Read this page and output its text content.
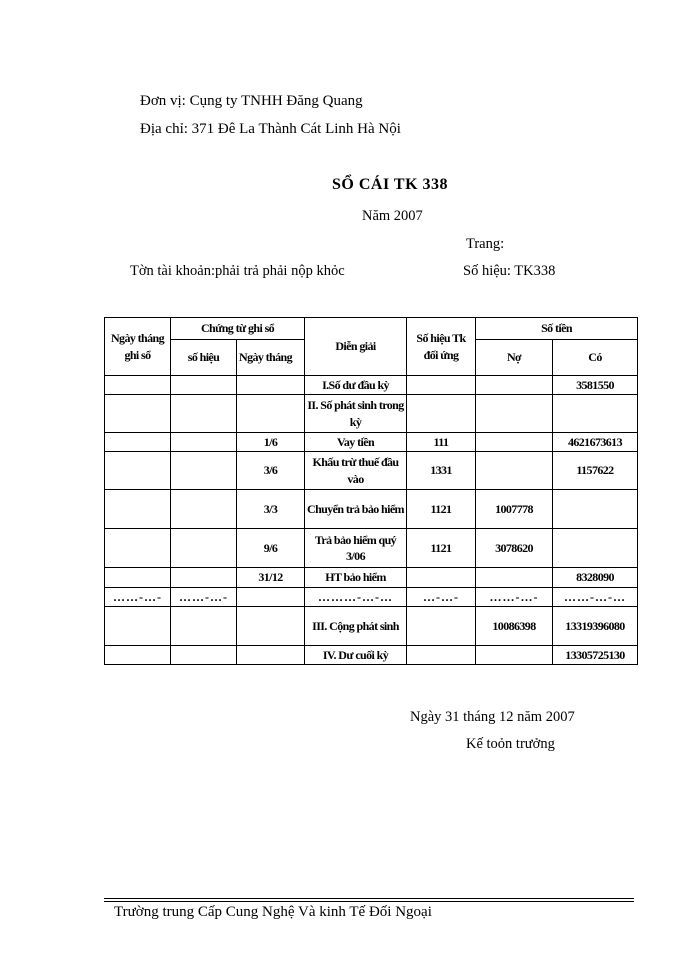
Đơn vị: Cụng ty TNHH Đăng Quang
Địa chỉ: 371 Đê La Thành Cát Linh Hà Nội
SỔ CÁI TK 338
Năm 2007
Trang:
Tờn tài khoản:phải trả phải nộp khỏc	Số hiệu: TK338
Ngày tháng ghi sổ	Chứng từ ghi sổ		Diễn giải	Số hiệu Tk đối ứng	Số tiền	
	số hiệu	Ngày tháng			Nợ	Có
			I.Số dư đầu kỳ			3581550
			II. Số phát sinh trong kỳ			
		1/6	Vay tiền	111		4621673613
		3/6	Khấu trừ thuế đầu vào	1331		1157622
		3/3	Chuyển trả bảo hiểm	1121	1007778	
		9/6	Trả bảo hiểm quý 3/06	1121	3078620	
		31/12	HT bảo hiểm			8328090
……-…-	……-…-		………-…-…	…-…-	……-…-	……-…-…
			III. Cộng phát sinh		10086398	13319396080
			IV. Dư cuối kỳ			13305725130
Ngày 31 tháng 12 năm 2007
Kế toỏn trưởng
Trường trung Cấp Cung Nghệ Và kinh Tế Đối Ngoại
